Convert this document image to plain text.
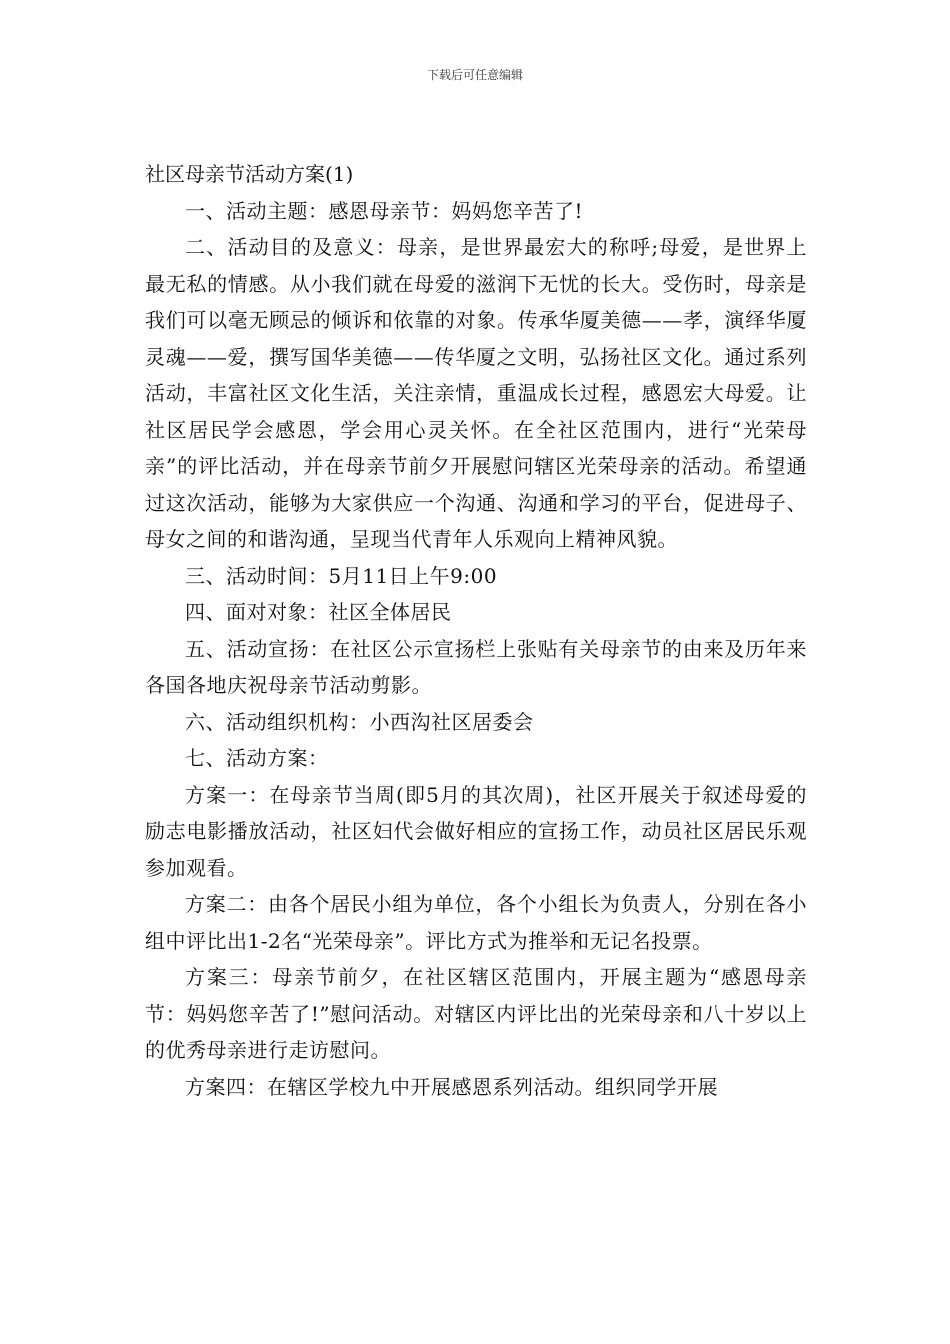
下载后可任意编辑

社区母亲节活动方案(1)

一、活动主题：感恩母亲节：妈妈您辛苦了!

二、活动目的及意义：母亲，是世界最宏大的称呼;母爱，是世界上最无私的情感。从小我们就在母爱的滋润下无忧的长大。受伤时，母亲是我们可以毫无顾忌的倾诉和依靠的对象。传承华厦美德——孝，演绎华厦灵魂——爱，撰写国华美德——传华厦之文明，弘扬社区文化。通过系列活动，丰富社区文化生活，关注亲情，重温成长过程，感恩宏大母爱。让社区居民学会感恩，学会用心灵关怀。在全社区范围内，进行“光荣母亲”的评比活动，并在母亲节前夕开展慰问辖区光荣母亲的活动。希望通过这次活动，能够为大家供应一个沟通、沟通和学习的平台，促进母子、母女之间的和谐沟通，呈现当代青年人乐观向上精神风貌。

三、活动时间：5月11日上午9:00

四、面对对象：社区全体居民

五、活动宣扬：在社区公示宣扬栏上张贴有关母亲节的由来及历年来各国各地庆祝母亲节活动剪影。

六、活动组织机构：小西沟社区居委会

七、活动方案：

方案一：在母亲节当周(即5月的其次周)，社区开展关于叙述母爱的励志电影播放活动，社区妇代会做好相应的宣扬工作，动员社区居民乐观参加观看。

方案二：由各个居民小组为单位，各个小组长为负责人，分别在各小组中评比出1-2名“光荣母亲”。评比方式为推举和无记名投票。

方案三：母亲节前夕，在社区辖区范围内，开展主题为“感恩母亲节：妈妈您辛苦了!”慰问活动。对辖区内评比出的光荣母亲和八十岁以上的优秀母亲进行走访慰问。

方案四：在辖区学校九中开展感恩系列活动。组织同学开展
